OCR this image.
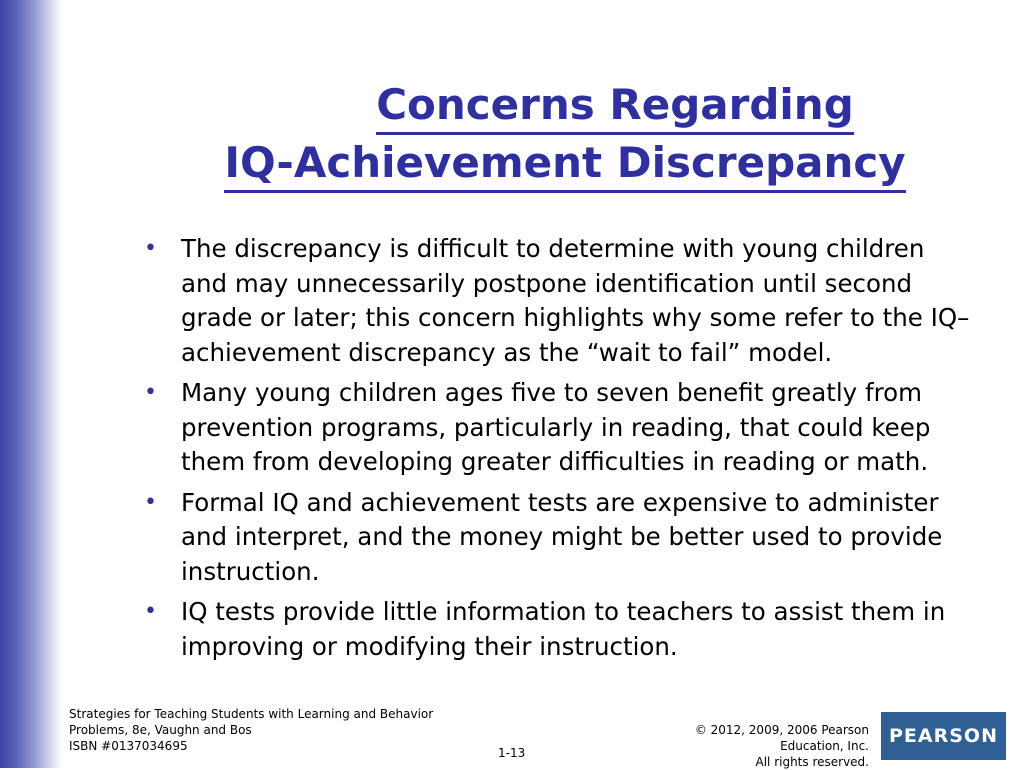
Concerns Regarding
IQ-Achievement Discrepancy
• The discrepancy is difficult to determine with young children and may unnecessarily postpone identification until second grade or later; this concern highlights why some refer to the IQ–achievement discrepancy as the “wait to fail” model.
• Many young children ages five to seven benefit greatly from prevention programs, particularly in reading, that could keep them from developing greater difficulties in reading or math.
• Formal IQ and achievement tests are expensive to administer and interpret, and the money might be better used to provide instruction.
• IQ tests provide little information to teachers to assist them in improving or modifying their instruction.
Strategies for Teaching Students with Learning and Behavior
Problems, 8e, Vaughn and Bos
ISBN #0137034695	1-13
© 2012, 2009, 2006 Pearson
Education, Inc.
All rights reserved.
PEARSON
